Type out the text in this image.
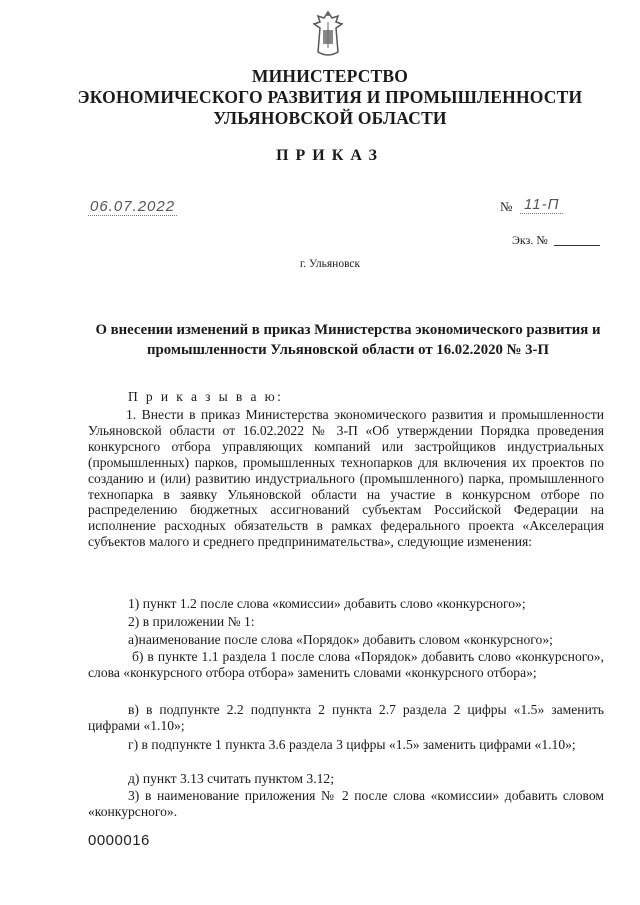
МИНИСТЕРСТВО
ЭКОНОМИЧЕСКОГО РАЗВИТИЯ И ПРОМЫШЛЕННОСТИ
УЛЬЯНОВСКОЙ ОБЛАСТИ
ПРИКАЗ
06.07.2022	№ 11-П
Экз. №
г. Ульяновск
О внесении изменений в приказ Министерства экономического развития и промышленности Ульяновской области от 16.02.2020 № 3-П
П р и к а з ы в а ю:
1. Внести в приказ Министерства экономического развития и промышленности Ульяновской области от 16.02.2022 № 3-П «Об утверждении Порядка проведения конкурсного отбора управляющих компаний или застройщиков индустриальных (промышленных) парков, промышленных технопарков для включения их проектов по созданию и (или) развитию индустриального (промышленного) парка, промышленного технопарка в заявку Ульяновской области на участие в конкурсном отборе по распределению бюджетных ассигнований субъектам Российской Федерации на исполнение расходных обязательств в рамках федерального проекта «Акселерация субъектов малого и среднего предпринимательства», следующие изменения:
1) пункт 1.2 после слова «комиссии» добавить слово «конкурсного»;
2) в приложении № 1:
а)наименование после слова «Порядок» добавить словом «конкурсного»;
б) в пункте 1.1 раздела 1 после слова «Порядок» добавить слово «конкурсного», слова «конкурсного отбора отбора» заменить словами «конкурсного отбора»;
в) в подпункте 2.2 подпункта 2 пункта 2.7 раздела 2 цифры «1.5» заменить цифрами «1.10»;
г) в подпункте 1 пункта 3.6 раздела 3 цифры «1.5» заменить цифрами «1.10»;
д) пункт 3.13 считать пунктом 3.12;
3) в наименование приложения № 2 после слова «комиссии» добавить словом «конкурсного».
0000016
